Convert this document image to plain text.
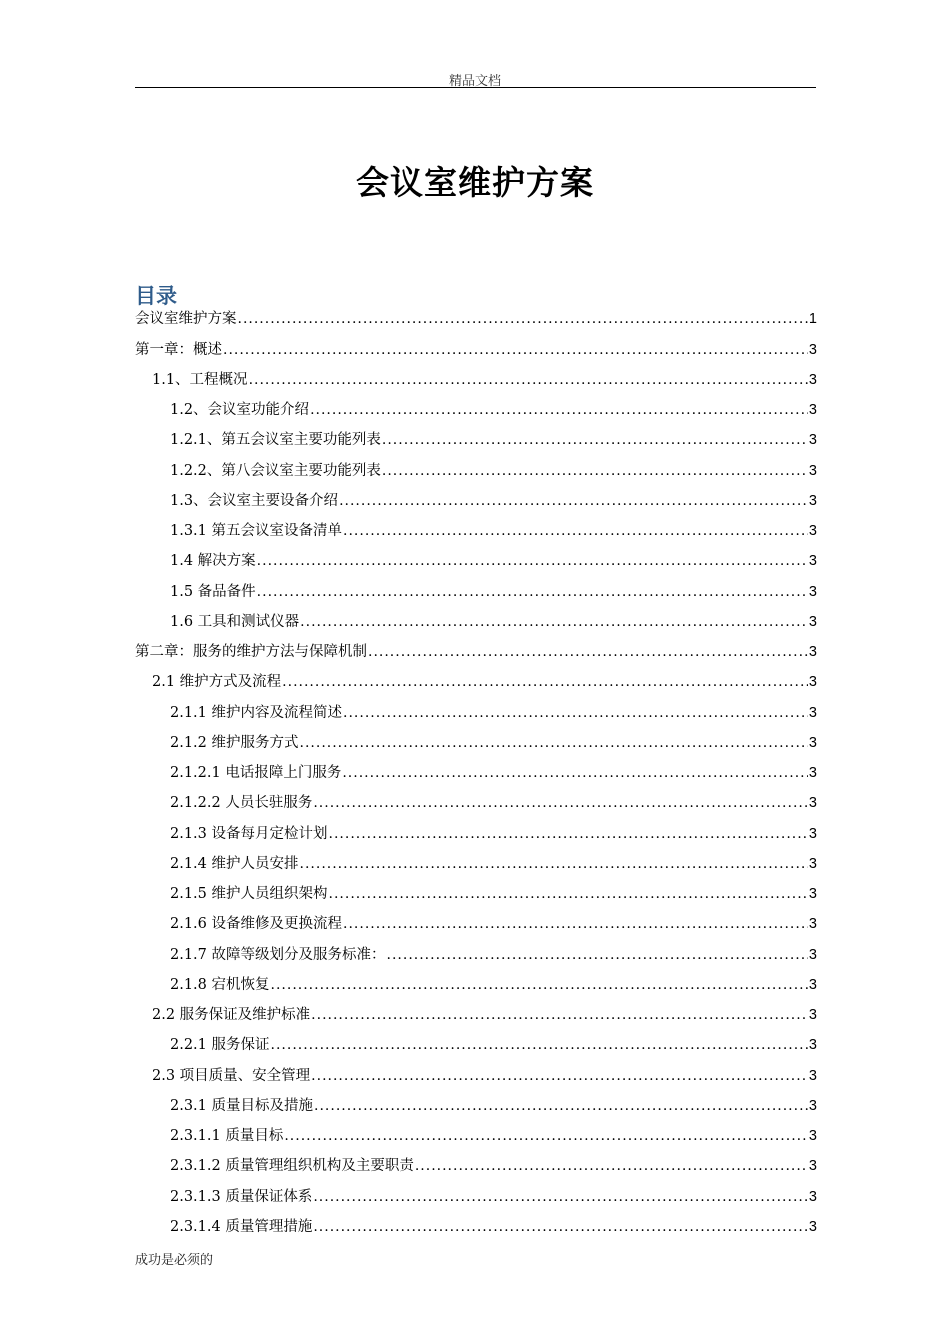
精品文档
会议室维护方案
目录
会议室维护方案 .....	1
第一章：概述 .....	3
1.1、工程概况 .....	3
1.2、会议室功能介绍 .....	3
1.2.1、第五会议室主要功能列表 .....	3
1.2.2、第八会议室主要功能列表 .....	3
1.3、会议室主要设备介绍 .....	3
1.3.1 第五会议室设备清单 .....	3
1.4 解决方案 .....	3
1.5 备品备件 .....	3
1.6 工具和测试仪器 .....	3
第二章：服务的维护方法与保障机制 .....	3
2.1 维护方式及流程 .....	3
2.1.1 维护内容及流程简述 .....	3
2.1.2 维护服务方式 .....	3
2.1.2.1 电话报障上门服务 .....	3
2.1.2.2 人员长驻服务 .....	3
2.1.3 设备每月定检计划 .....	3
2.1.4 维护人员安排 .....	3
2.1.5 维护人员组织架构 .....	3
2.1.6 设备维修及更换流程 .....	3
2.1.7 故障等级划分及服务标准： .....	3
2.1.8 宕机恢复 .....	3
2.2 服务保证及维护标准 .....	3
2.2.1 服务保证 .....	3
2.3 项目质量、安全管理 .....	3
2.3.1 质量目标及措施 .....	3
2.3.1.1 质量目标 .....	3
2.3.1.2 质量管理组织机构及主要职责 .....	3
2.3.1.3 质量保证体系 .....	3
2.3.1.4 质量管理措施 .....	3
成功是必须的
